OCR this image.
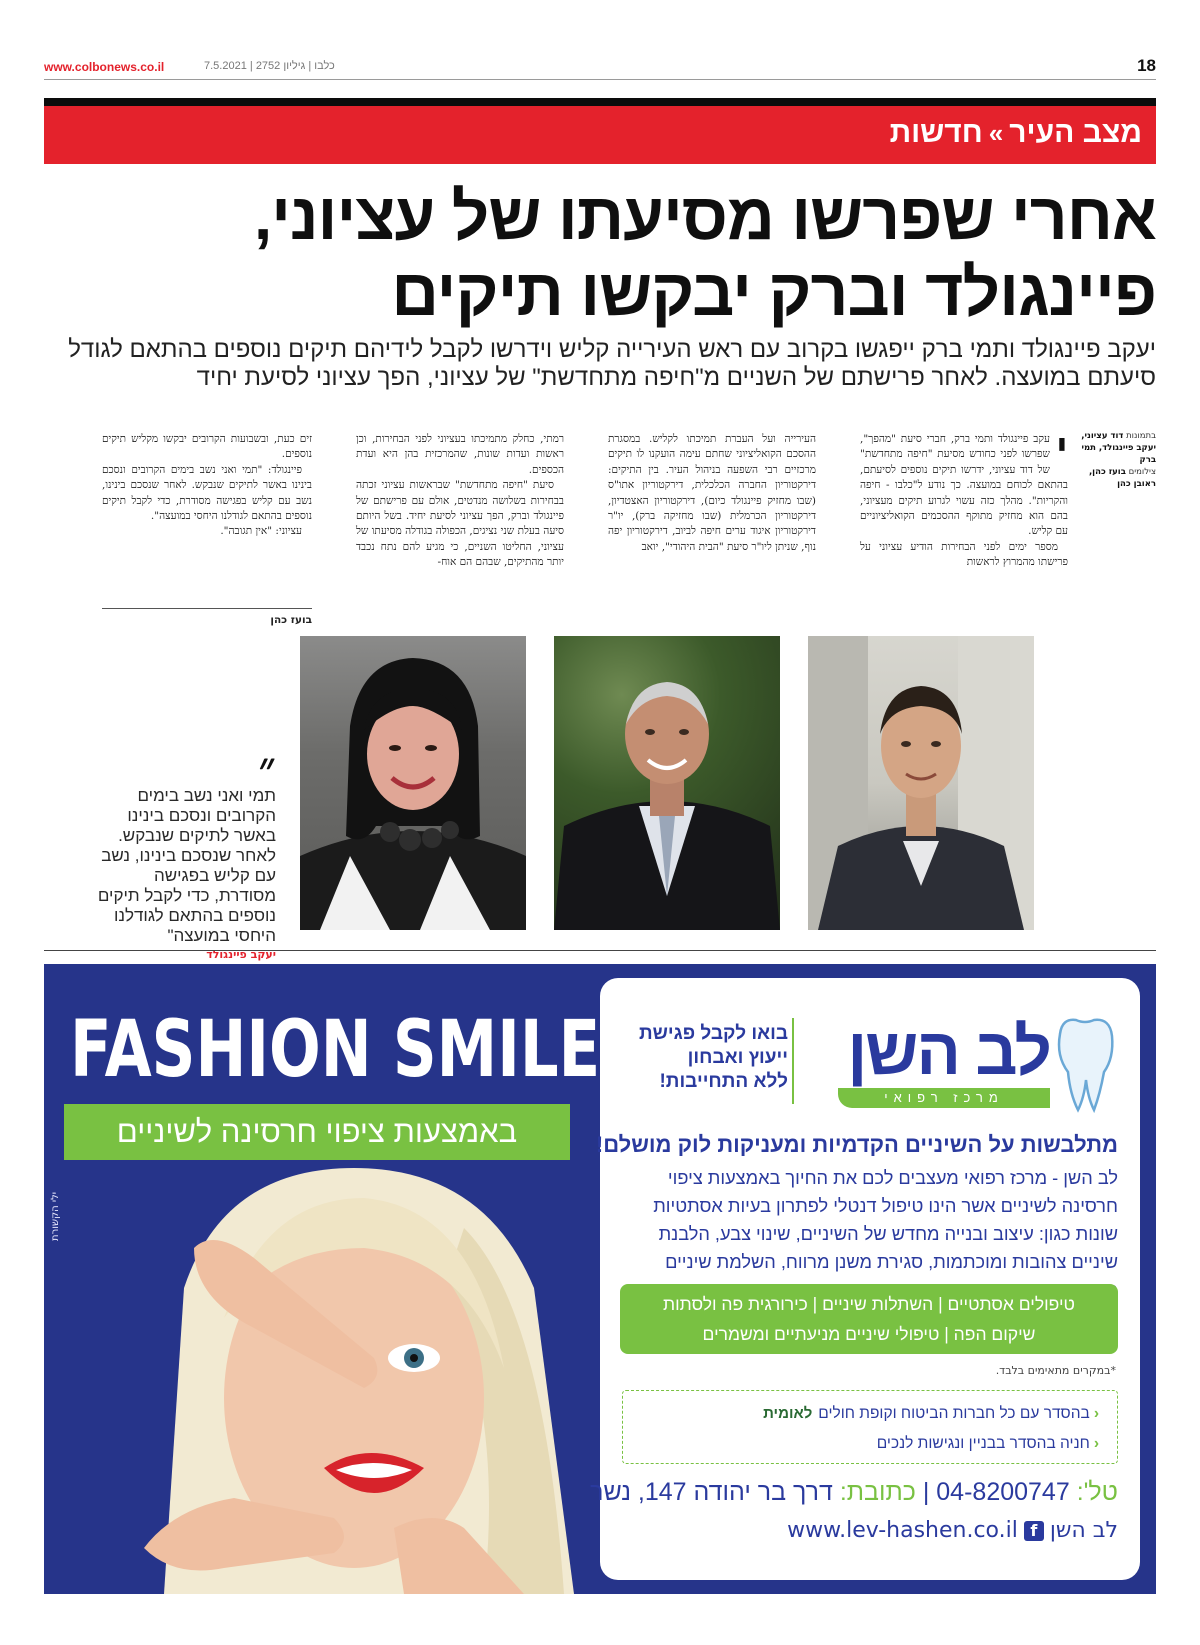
www.colbonews.co.il	כלבו | גיליון 2752 | 7.5.2021	18
מצב העיר»חדשות
אחרי שפרשו מסיעתו של עציוני,
פיינגולד וברק יבקשו תיקים
יעקב פיינגולד ותמי ברק ייפגשו בקרוב עם ראש העירייה קליש וידרשו לקבל לידיהם תיקים נוספים בהתאם לגודל סיעתם במועצה. לאחר פרישתם של השניים מ"חיפה מתחדשת" של עציוני, הפך עציוני לסיעת יחיד
בתמונות דוד עציוני, יעקב פיינגולד, תמי ברק
צילומים בועז כהן, ראובן כהן
י

עקב פיינגולד ותמי ברק, חברי סיעת "מהפך", שפרשו לפני כחודש מסיעת "חיפה מתחדשת" של דוד עציוני, ידרשו תיקים נוספים לסיעתם, בהתאם לכוחם במועצה. כך נודע ל"כלבו - חיפה והקריות". מהלך כזה עשוי לגרוע תיקים מעציוני, בהם הוא מחזיק מתוקף ההסכמים הקואליציוניים עם קליש.

מספר ימים לפני הבחירות הודיע עציוני על פרישתו מהמרוץ לראשות

העירייה ועל העברת תמיכתו לקליש. במסגרת ההסכם הקואליציוני שחתם עימה הועקנו לו תיקים מרכזיים רבי השפעה בניהול העיר. בין התיקים: דירקטוריון החברה הכלכלית, דירקטוריון אתו"ס (שבו מחזיק פיינגולד כיום), דירקטוריון האצטדיון, דירקטוריון הכרמלית (שבו מחזיקה ברק), יו"ר דירקטוריון איגוד ערים חיפה לביוב, דירקטוריון יפה נוף, שניתן ליו"ר סיעת "הבית היהודי", יואב

רמתי, כחלק מתמיכתו בעציוני לפני הבחירות, וכן ראשות ועדות שונות, שהמרכזית בהן היא ועדת הכספים.

סיעת "חיפה מתחדשת" שבראשות עציוני זכתה בבחירות בשלושה מנדטים, אולם עם פרישתם של פיינגולד וברק, הפך עציוני לסיעת יחיד. בשל היותם סיעה בעלת שני נציגים, הכפולה בגודלה מסיעתו של עציוני, החליטו השניים, כי מגיע להם נתח נכבד יותר מהתיקים, שבהם הם אוח-

זים כעת, ובשבועות הקרובים יבקשו מקליש תיקים נוספים.

פיינגולד: "תמי ואני נשב בימים הקרובים ונסכם בינינו באשר לתיקים שנבקש. לאחר שנסכם בינינו, נשב עם קליש בפגישה מסודרת, כדי לקבל תיקים נוספים בהתאם לגודלנו היחסי במועצה".

עציוני: "אין תגובה".

בועז כהן
״
תמי ואני נשב בימים הקרובים ונסכם בינינו באשר לתיקים שנבקש. לאחר שנסכם בינינו, נשב עם קליש בפגישה מסודרת, כדי לקבל תיקים נוספים בהתאם לגודלנו היחסי במועצה"
יעקב פיינגולד
FASHION SMILE
באמצעות ציפוי חרסינה לשיניים
ילי הקשורת
לב השן
מרכז רפואי
בואו לקבל פגישת
ייעוץ ואבחון
ללא התחייבות!
מתלבשות על השיניים הקדמיות ומעניקות לוק מושלם!
לב השן - מרכז רפואי מעצבים לכם את החיוך באמצעות ציפוי חרסינה לשיניים אשר הינו טיפול דנטלי לפתרון בעיות אסתטיות שונות כגון: עיצוב ובנייה מחדש של השיניים, שינוי צבע, הלבנת שיניים צהובות ומוכתמות, סגירת משנן מרווח, השלמת שיניים
טיפולים אסתטיים | השתלות שיניים | כירורגית פה ולסתות
שיקום הפה | טיפולי שיניים מניעתיים ומשמרים
*במקרים מתאימים בלבד.
‹בהסדר עם כל חברות הביטוח וקופת חוליםלאומית
‹חניה בהסדר בבניין ונגישות לנכים
טל': 04-8200747 | כתובת: דרך בר יהודה 147, נשר
לב השןfwww.lev-hashen.co.il
